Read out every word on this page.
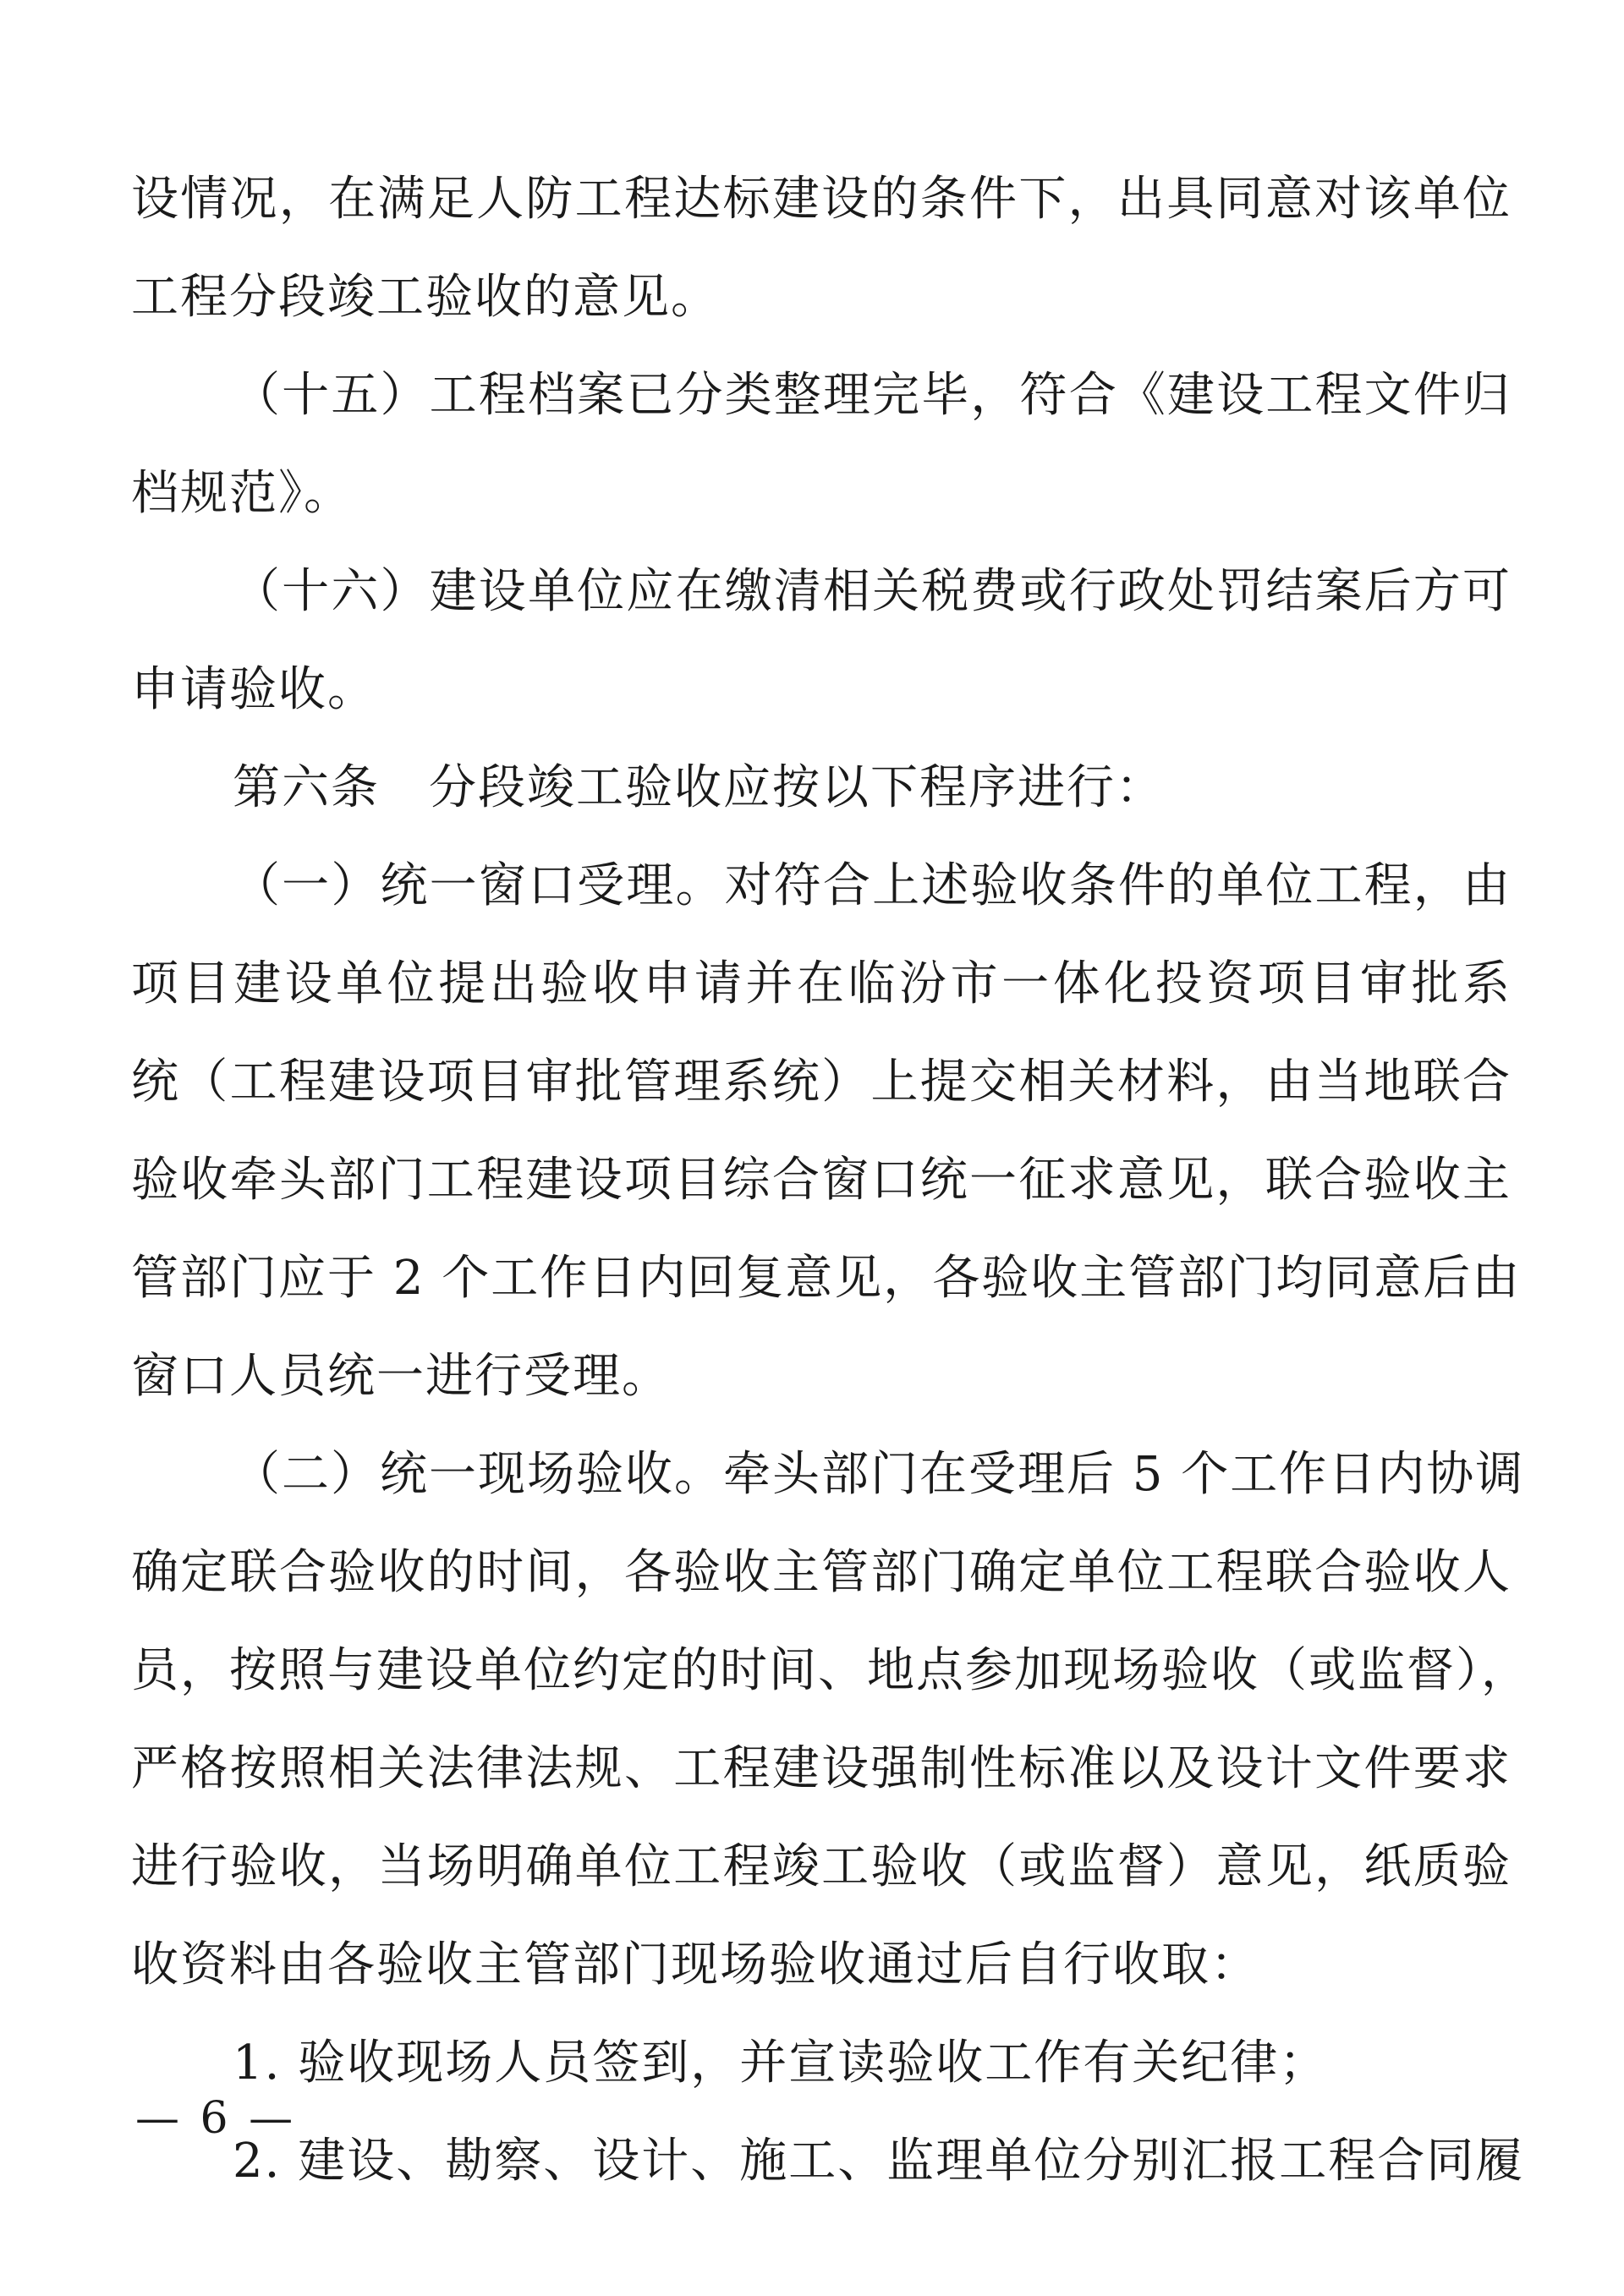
设情况，在满足人防工程达标建设的条件下，出具同意对该单位
工程分段竣工验收的意见。
（十五）工程档案已分类整理完毕，符合《建设工程文件归
档规范》。
（十六）建设单位应在缴清相关税费或行政处罚结案后方可
申请验收。
第六条　分段竣工验收应按以下程序进行：
（一）统一窗口受理。对符合上述验收条件的单位工程，由
项目建设单位提出验收申请并在临汾市一体化投资项目审批系
统（工程建设项目审批管理系统）上提交相关材料，由当地联合
验收牵头部门工程建设项目综合窗口统一征求意见，联合验收主
管部门应于 2 个工作日内回复意见，各验收主管部门均同意后由
窗口人员统一进行受理。
（二）统一现场验收。牵头部门在受理后 5 个工作日内协调
确定联合验收的时间，各验收主管部门确定单位工程联合验收人
员，按照与建设单位约定的时间、地点参加现场验收（或监督），
严格按照相关法律法规、工程建设强制性标准以及设计文件要求
进行验收，当场明确单位工程竣工验收（或监督）意见，纸质验
收资料由各验收主管部门现场验收通过后自行收取：
1. 验收现场人员签到，并宣读验收工作有关纪律；
2. 建设、勘察、设计、施工、监理单位分别汇报工程合同履
— 6 —
